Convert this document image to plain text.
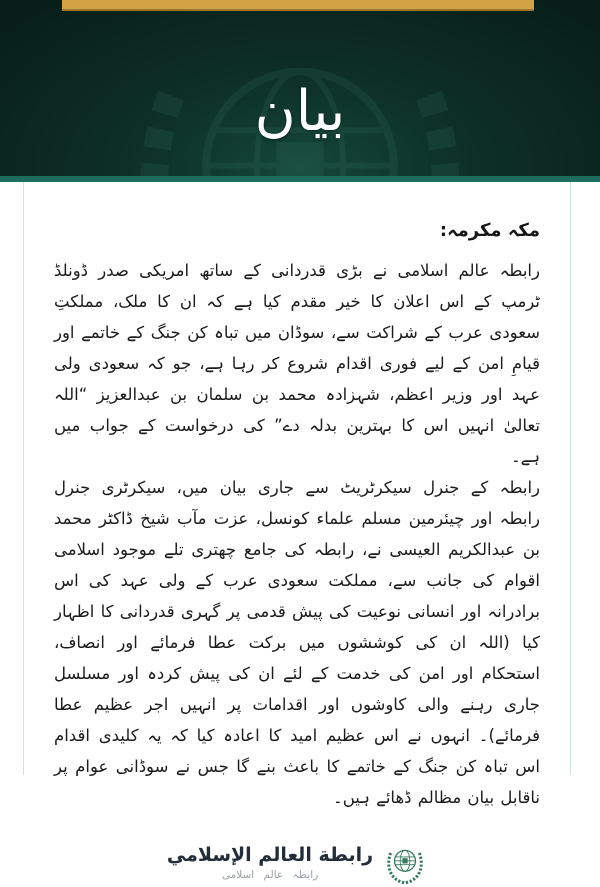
بيان
مکہ مکرمہ:

رابطہ عالم اسلامی نے بڑی قدردانی کے ساتھ امریکی صدر ڈونلڈ ٹرمپ کے اس اعلان کا خیر مقدم کیا ہے کہ ان کا ملک، مملکتِ سعودی عرب کے شراکت سے، سوڈان میں تباہ کن جنگ کے خاتمے اور قیامِ امن کے لیے فوری اقدام شروع کر رہا ہے، جو کہ سعودی ولی عہد اور وزیر اعظم، شہزادہ محمد بن سلمان بن عبدالعزیز “اللہ تعالیٰ انہیں اس کا بہترین بدلہ دے” کی درخواست کے جواب میں ہے۔

رابطہ کے جنرل سیکرٹریٹ سے جاری بیان میں، سیکرٹری جنرل رابطہ اور چیئرمین مسلم علماء کونسل، عزت مآب شیخ ڈاکٹر محمد بن عبدالکریم العیسی نے، رابطہ کی جامع چھتری تلے موجود اسلامی اقوام کی جانب سے، مملکت سعودی عرب کے ولی عہد کی اس برادرانہ اور انسانی نوعیت کی پیش قدمی پر گہری قدردانی کا اظہار کیا (اللہ ان کی کوششوں میں برکت عطا فرمائے اور انصاف، استحکام اور امن کی خدمت کے لئے ان کی پیش کردہ اور مسلسل جاری رہنے والی کاوشوں اور اقدامات پر انہیں اجر عظیم عطا فرمائے)۔ انہوں نے اس عظیم امید کا اعادہ کیا کہ یہ کلیدی اقدام اس تباہ کن جنگ کے خاتمے کا باعث بنے گا جس نے سوڈانی عوام پر ناقابل بیان مظالم ڈھائے ہیں۔

رابطة العالم الإسلامي
رابطہ عالم اسلامی
